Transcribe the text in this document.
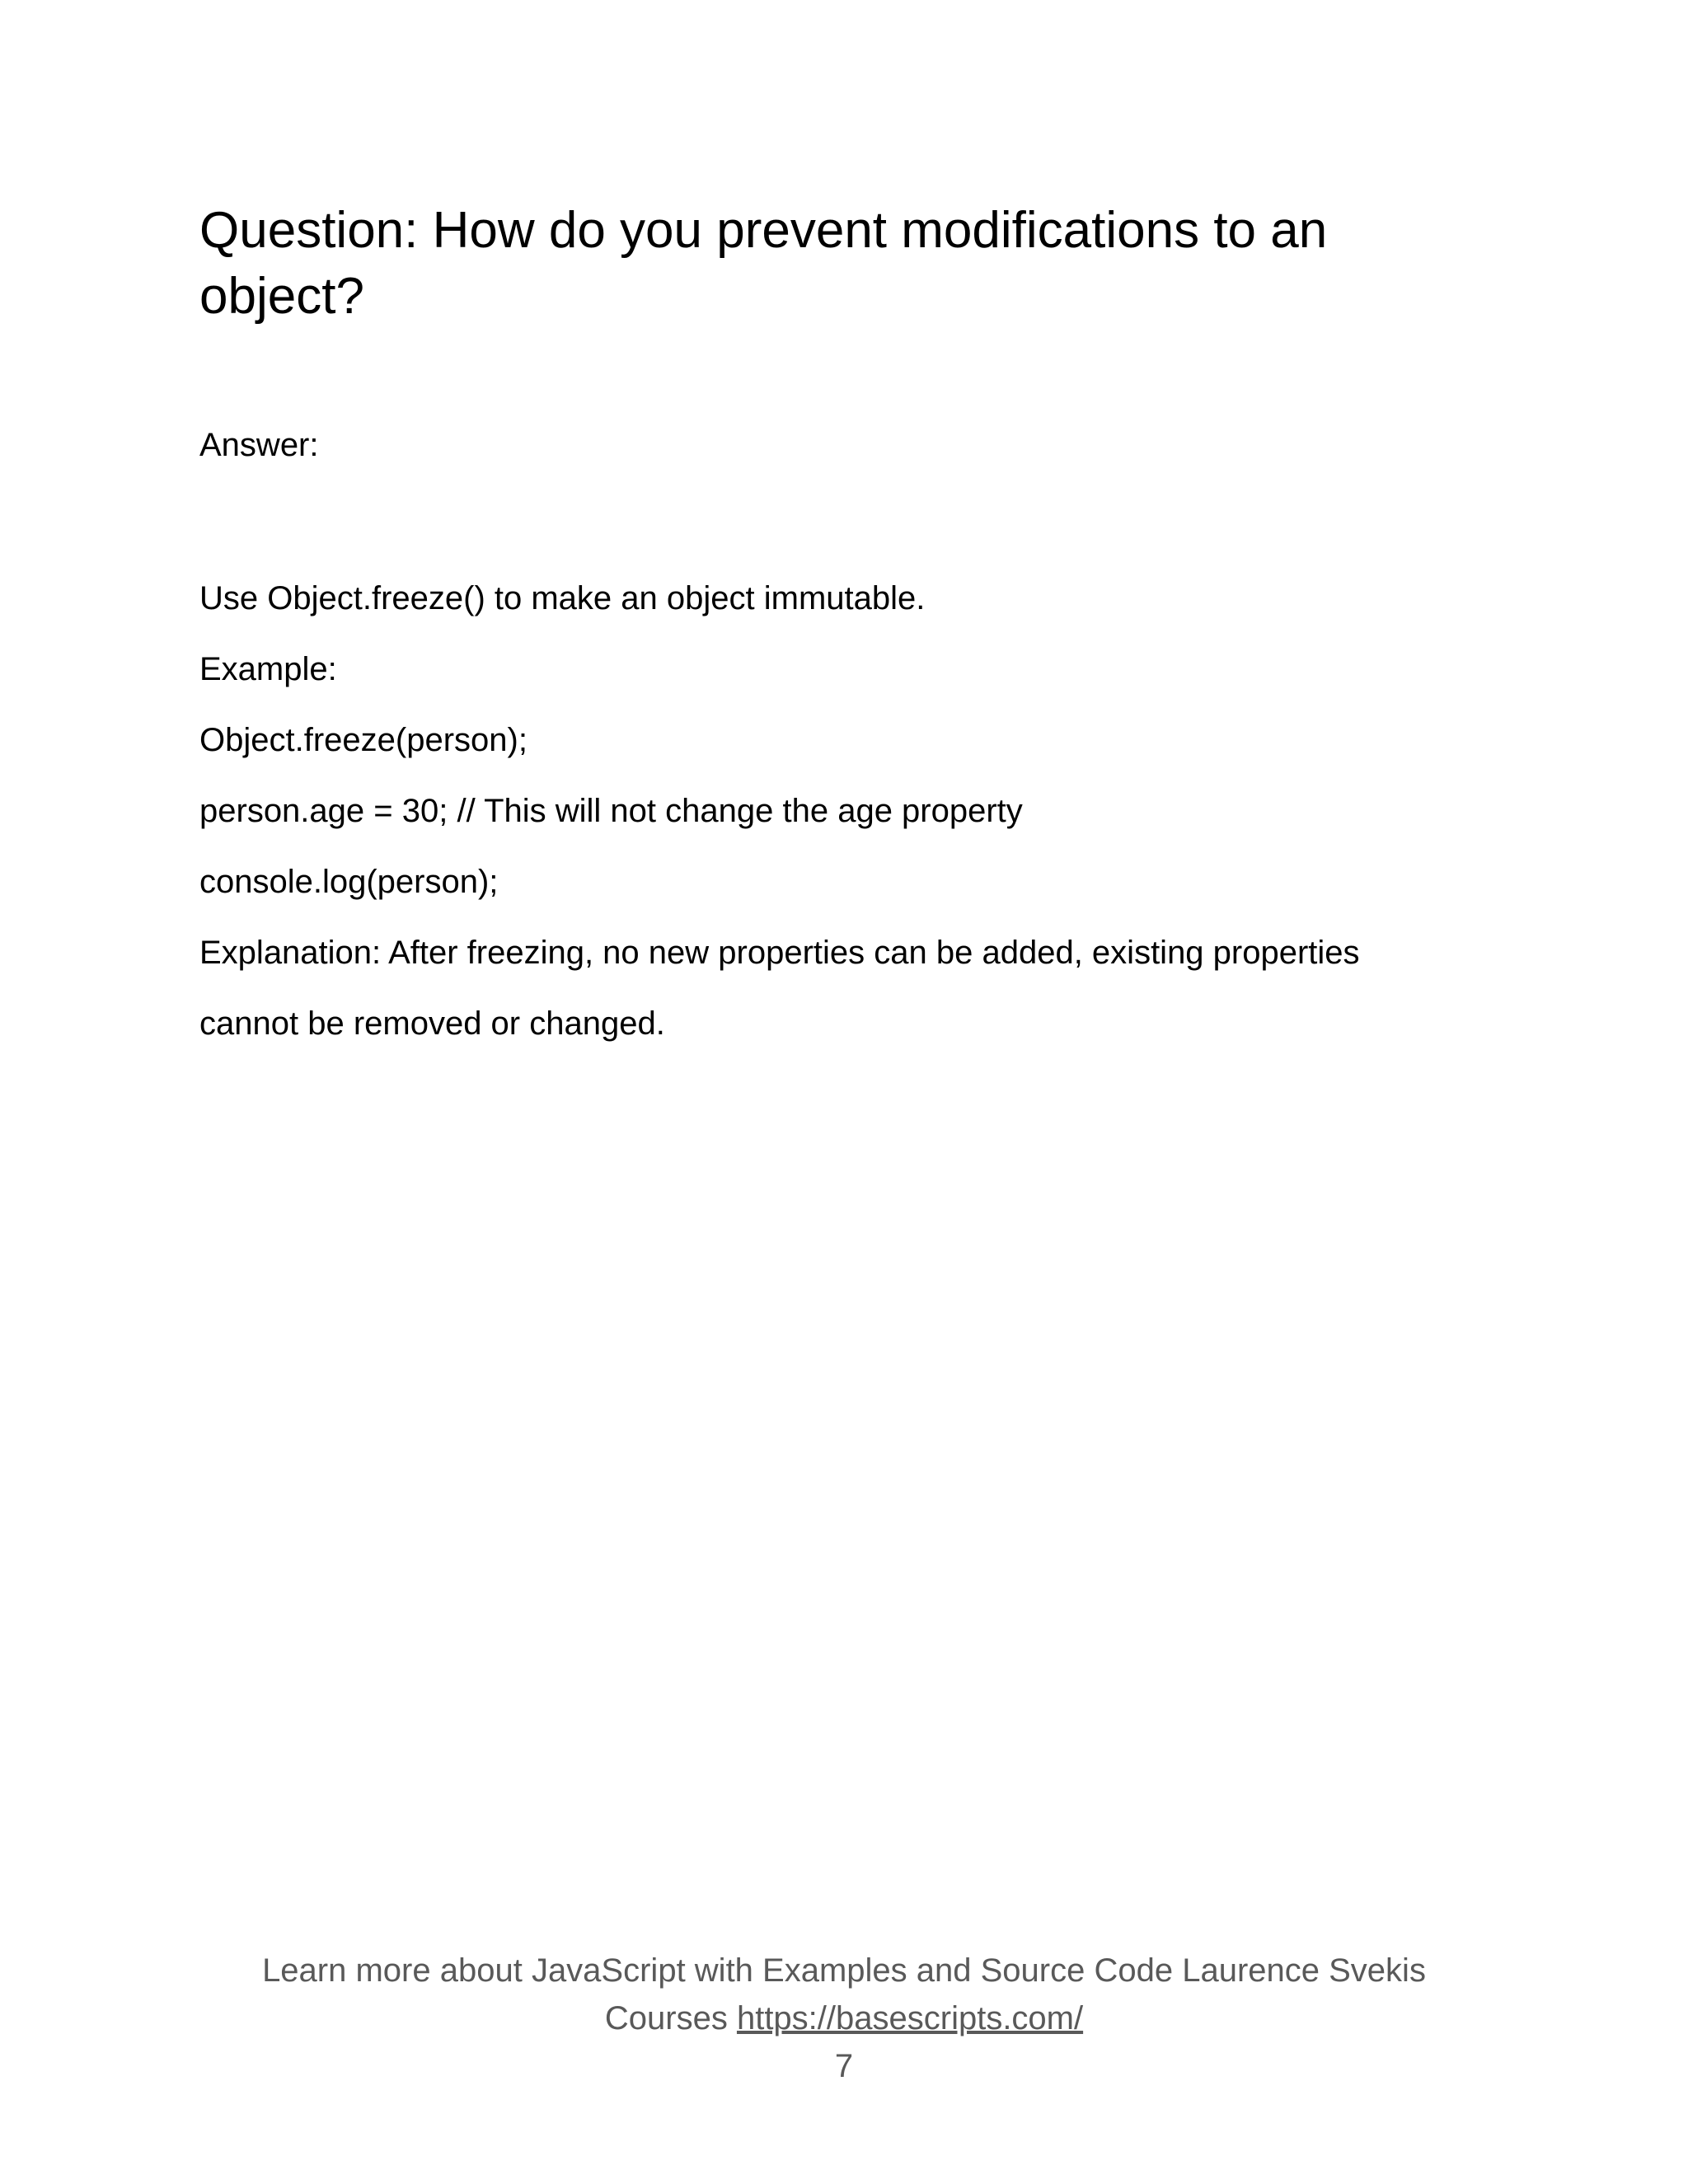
Question: How do you prevent modifications to an object?
Answer:
Use Object.freeze() to make an object immutable.
Example:
Object.freeze(person);
person.age = 30; // This will not change the age property
console.log(person);
Explanation: After freezing, no new properties can be added, existing properties
cannot be removed or changed.
Learn more about JavaScript with Examples and Source Code Laurence Svekis
Courses https://basescripts.com/
7
